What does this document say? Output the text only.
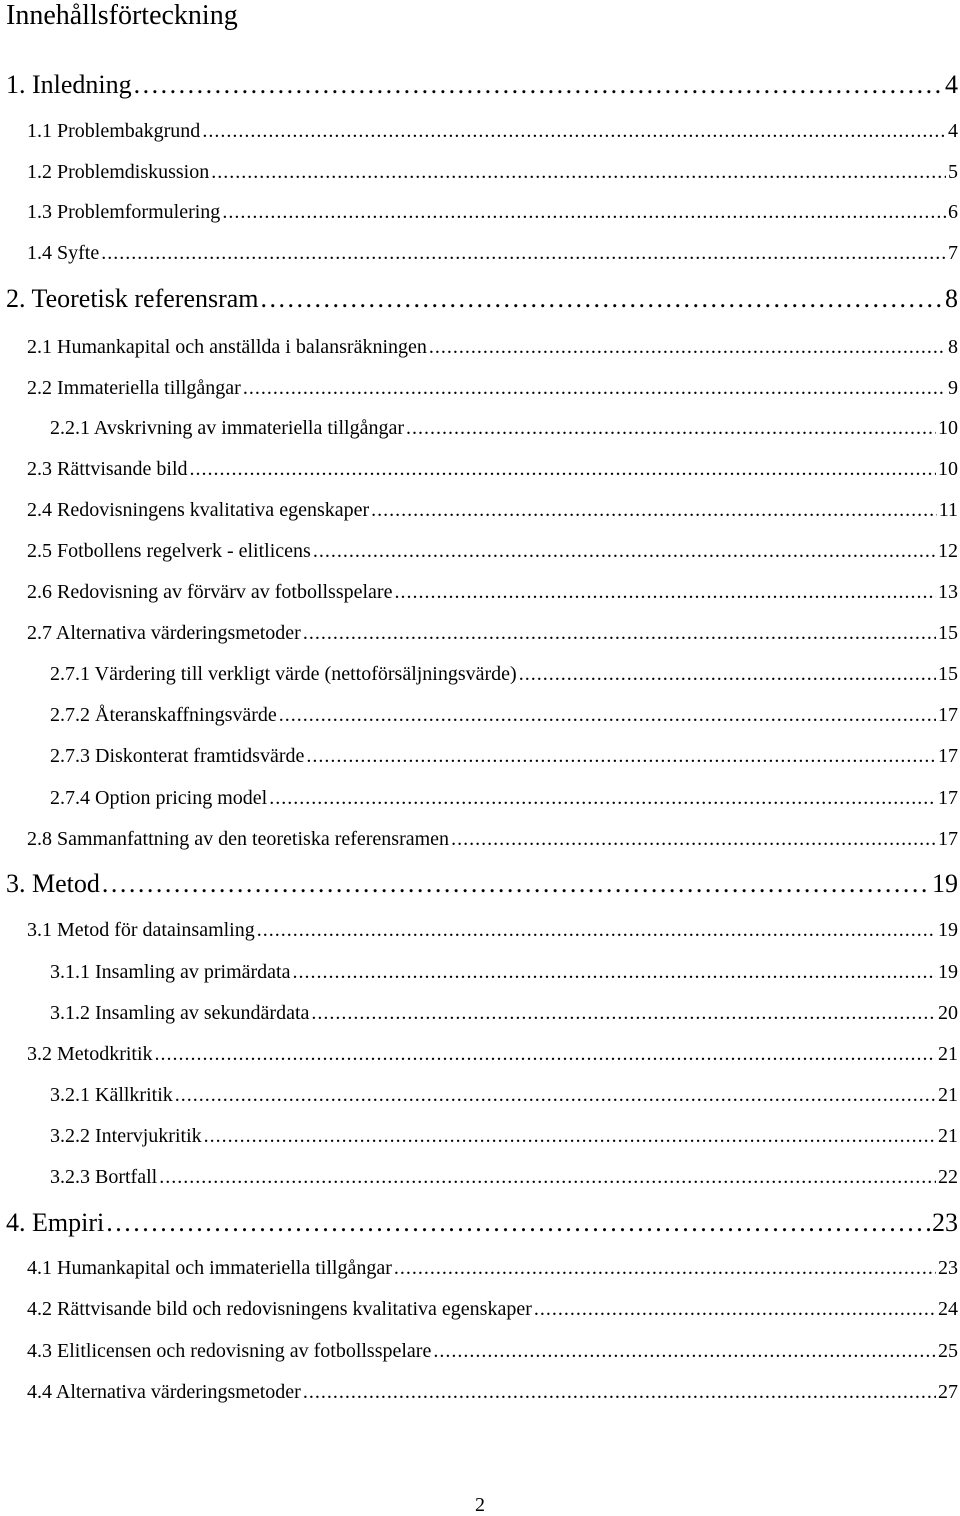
Innehållsförteckning
1. Inledning . . .	4
1.1 Problembakgrund . . .	4
1.2 Problemdiskussion . . .	5
1.3 Problemformulering . . .	6
1.4 Syfte . . .	7
2. Teoretisk referensram . . .	8
2.1 Humankapital och anställda i balansräkningen . . .	8
2.2 Immateriella tillgångar . . .	9
2.2.1 Avskrivning av immateriella tillgångar . . .	10
2.3 Rättvisande bild . . .	10
2.4 Redovisningens kvalitativa egenskaper . . .	11
2.5 Fotbollens regelverk - elitlicens . . .	12
2.6 Redovisning av förvärv av fotbollsspelare . . .	13
2.7 Alternativa värderingsmetoder . . .	15
2.7.1 Värdering till verkligt värde (nettoförsäljningsvärde) . . .	15
2.7.2 Återanskaffningsvärde . . .	17
2.7.3 Diskonterat framtidsvärde . . .	17
2.7.4 Option pricing model . . .	17
2.8 Sammanfattning av den teoretiska referensramen . . .	17
3. Metod . . .	19
3.1 Metod för datainsamling . . .	19
3.1.1 Insamling av primärdata . . .	19
3.1.2 Insamling av sekundärdata . . .	20
3.2 Metodkritik . . .	21
3.2.1 Källkritik . . .	21
3.2.2 Intervjukritik . . .	21
3.2.3 Bortfall . . .	22
4. Empiri . . .	23
4.1 Humankapital och immateriella tillgångar . . .	23
4.2 Rättvisande bild och redovisningens kvalitativa egenskaper . . .	24
4.3 Elitlicensen och redovisning av fotbollsspelare . . .	25
4.4 Alternativa värderingsmetoder . . .	27
2
